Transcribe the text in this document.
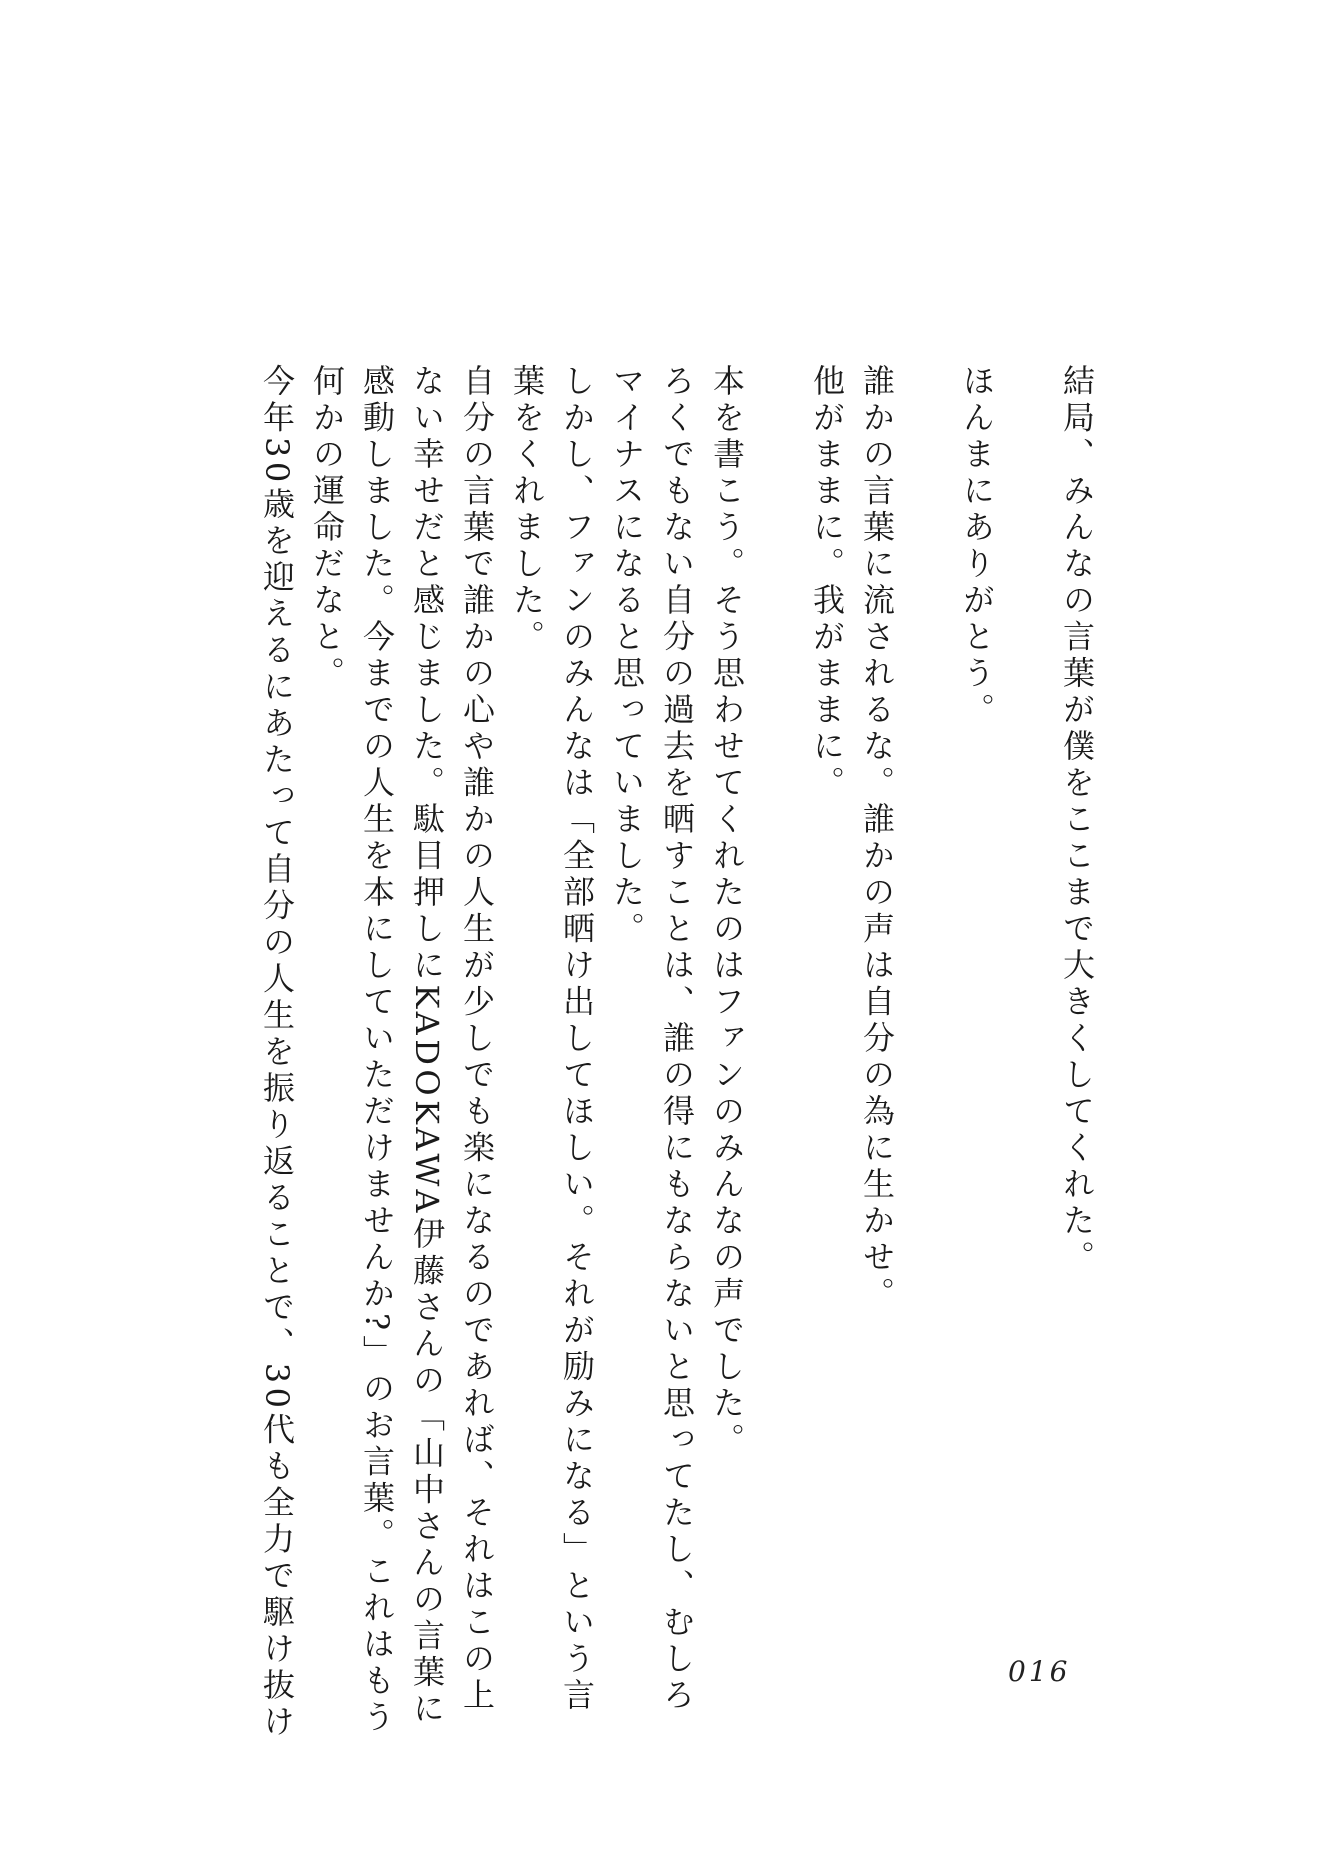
結局、みんなの言葉が僕をここまで大きくしてくれた。
ほんまにありがとう。
誰かの言葉に流されるな。誰かの声は自分の為に生かせ。
他がままに。我がままに。
本を書こう。そう思わせてくれたのはファンのみんなの声でした。
ろくでもない自分の過去を晒すことは、誰の得にもならないと思ってたし、むしろ
マイナスになると思っていました。
しかし、ファンのみんなは「全部晒け出してほしい。それが励みになる」という言
葉をくれました。
自分の言葉で誰かの心や誰かの人生が少しでも楽になるのであれば、それはこの上
ない幸せだと感じました。駄目押しにKADOKAWA伊藤さんの「山中さんの言葉に
感動しました。今までの人生を本にしていただけませんか?」のお言葉。これはもう
何かの運命だなと。
今年30歳を迎えるにあたって自分の人生を振り返ることで、30代も全力で駆け抜け	016
